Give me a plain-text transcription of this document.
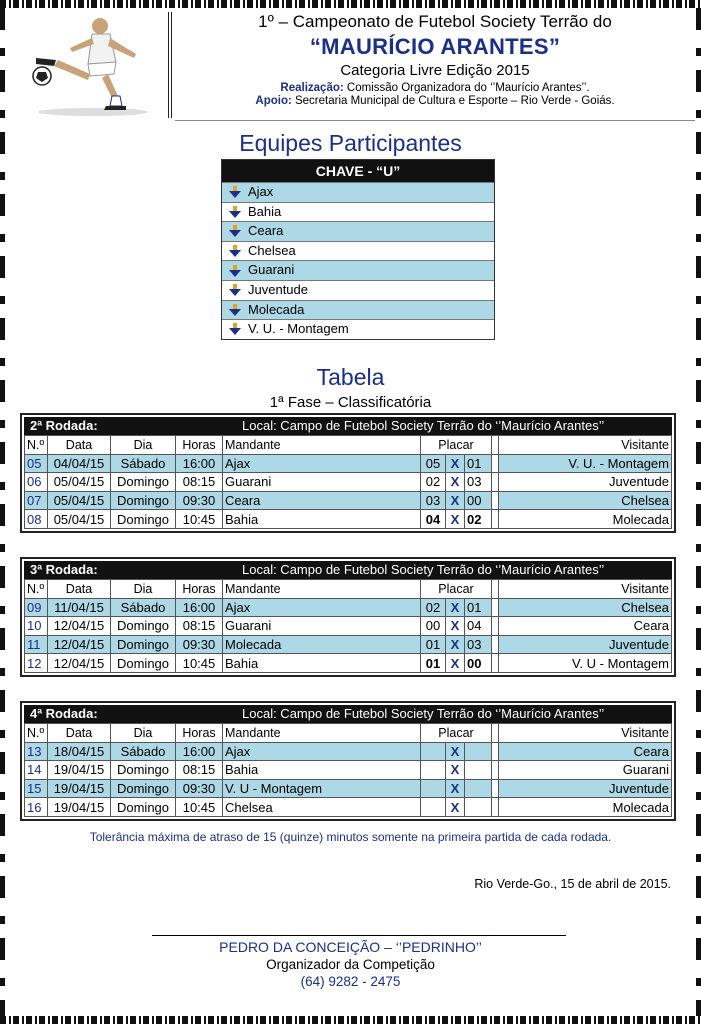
1º – Campeonato de Futebol Society Terrão do
“MAURÍCIO ARANTES”
Categoria Livre Edição 2015
Realização: Comissão Organizadora do ‘’Maurício Arantes’’.
Apoio: Secretaria Municipal de Cultura e Esporte – Rio Verde - Goiás.
Equipes Participantes
CHAVE - “U”
Ajax
Bahia
Ceara
Chelsea
Guarani
Juventude
Molecada
V. U. - Montagem
Tabela
1ª Fase – Classificatória
2ª Rodada:	Local: Campo de Futebol Society Terrão do ‘’Maurício Arantes’’
N.º	Data	Dia	Horas	Mandante	Placar				Visitante
05	04/04/15	Sábado	16:00	Ajax	05	X	01		V. U. - Montagem
06	05/04/15	Domingo	08:15	Guarani	02	X	03		Juventude
07	05/04/15	Domingo	09:30	Ceara	03	X	00		Chelsea
08	05/04/15	Domingo	10:45	Bahia	04	X	02		Molecada
3ª Rodada:	Local: Campo de Futebol Society Terrão do ‘’Maurício Arantes’’
N.º	Data	Dia	Horas	Mandante	Placar				Visitante
09	11/04/15	Sábado	16:00	Ajax	02	X	01		Chelsea
10	12/04/15	Domingo	08:15	Guarani	00	X	04		Ceara
11	12/04/15	Domingo	09:30	Molecada	01	X	03		Juventude
12	12/04/15	Domingo	10:45	Bahia	01	X	00		V. U - Montagem
4ª Rodada:	Local: Campo de Futebol Society Terrão do ‘’Maurício Arantes’’
N.º	Data	Dia	Horas	Mandante	Placar				Visitante
13	18/04/15	Sábado	16:00	Ajax		X			Ceara
14	19/04/15	Domingo	08:15	Bahia		X			Guarani
15	19/04/15	Domingo	09:30	V. U - Montagem		X			Juventude
16	19/04/15	Domingo	10:45	Chelsea		X			Molecada
Tolerância máxima de atraso de 15 (quinze) minutos somente na primeira partida de cada rodada.
Rio Verde-Go., 15 de abril de 2015.
PEDRO DA CONCEIÇÃO – ‘’PEDRINHO’’
Organizador da Competição
(64) 9282 - 2475
